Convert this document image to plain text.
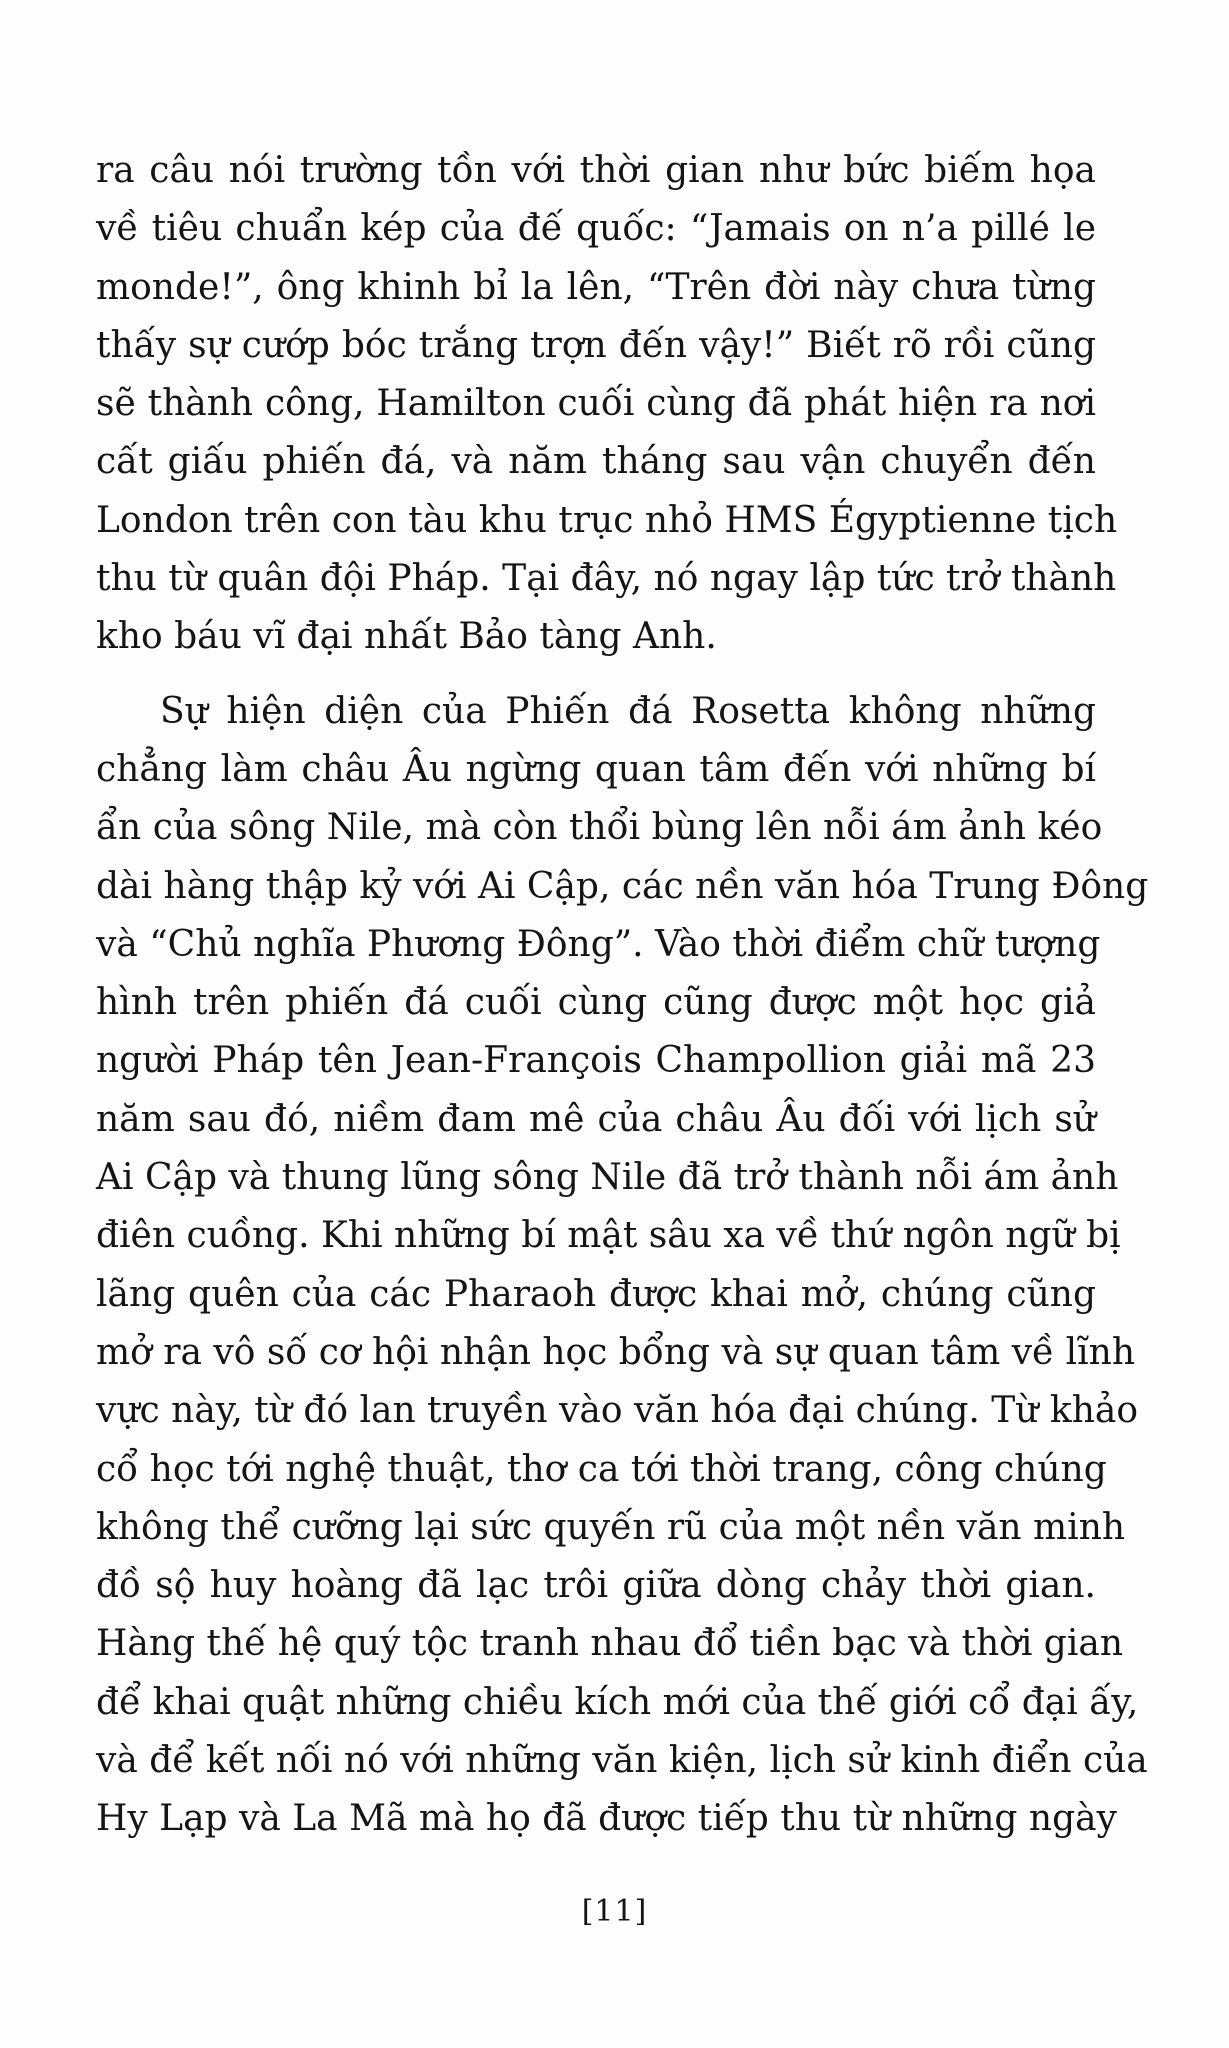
ra câu nói trường tồn với thời gian như bức biếm họa
về tiêu chuẩn kép của đế quốc: “Jamais on n’a pillé le
monde!”, ông khinh bỉ la lên, “Trên đời này chưa từng
thấy sự cướp bóc trắng trợn đến vậy!” Biết rõ rồi cũng
sẽ thành công, Hamilton cuối cùng đã phát hiện ra nơi
cất giấu phiến đá, và năm tháng sau vận chuyển đến
London trên con tàu khu trục nhỏ HMS Égyptienne tịch
thu từ quân đội Pháp. Tại đây, nó ngay lập tức trở thành
kho báu vĩ đại nhất Bảo tàng Anh.
Sự hiện diện của Phiến đá Rosetta không những
chẳng làm châu Âu ngừng quan tâm đến với những bí
ẩn của sông Nile, mà còn thổi bùng lên nỗi ám ảnh kéo
dài hàng thập kỷ với Ai Cập, các nền văn hóa Trung Đông
và “Chủ nghĩa Phương Đông”. Vào thời điểm chữ tượng
hình trên phiến đá cuối cùng cũng được một học giả
người Pháp tên Jean-François Champollion giải mã 23
năm sau đó, niềm đam mê của châu Âu đối với lịch sử
Ai Cập và thung lũng sông Nile đã trở thành nỗi ám ảnh
điên cuồng. Khi những bí mật sâu xa về thứ ngôn ngữ bị
lãng quên của các Pharaoh được khai mở, chúng cũng
mở ra vô số cơ hội nhận học bổng và sự quan tâm về lĩnh
vực này, từ đó lan truyền vào văn hóa đại chúng. Từ khảo
cổ học tới nghệ thuật, thơ ca tới thời trang, công chúng
không thể cưỡng lại sức quyến rũ của một nền văn minh
đồ sộ huy hoàng đã lạc trôi giữa dòng chảy thời gian.
Hàng thế hệ quý tộc tranh nhau đổ tiền bạc và thời gian
để khai quật những chiều kích mới của thế giới cổ đại ấy,
và để kết nối nó với những văn kiện, lịch sử kinh điển của
Hy Lạp và La Mã mà họ đã được tiếp thu từ những ngày
[11]
